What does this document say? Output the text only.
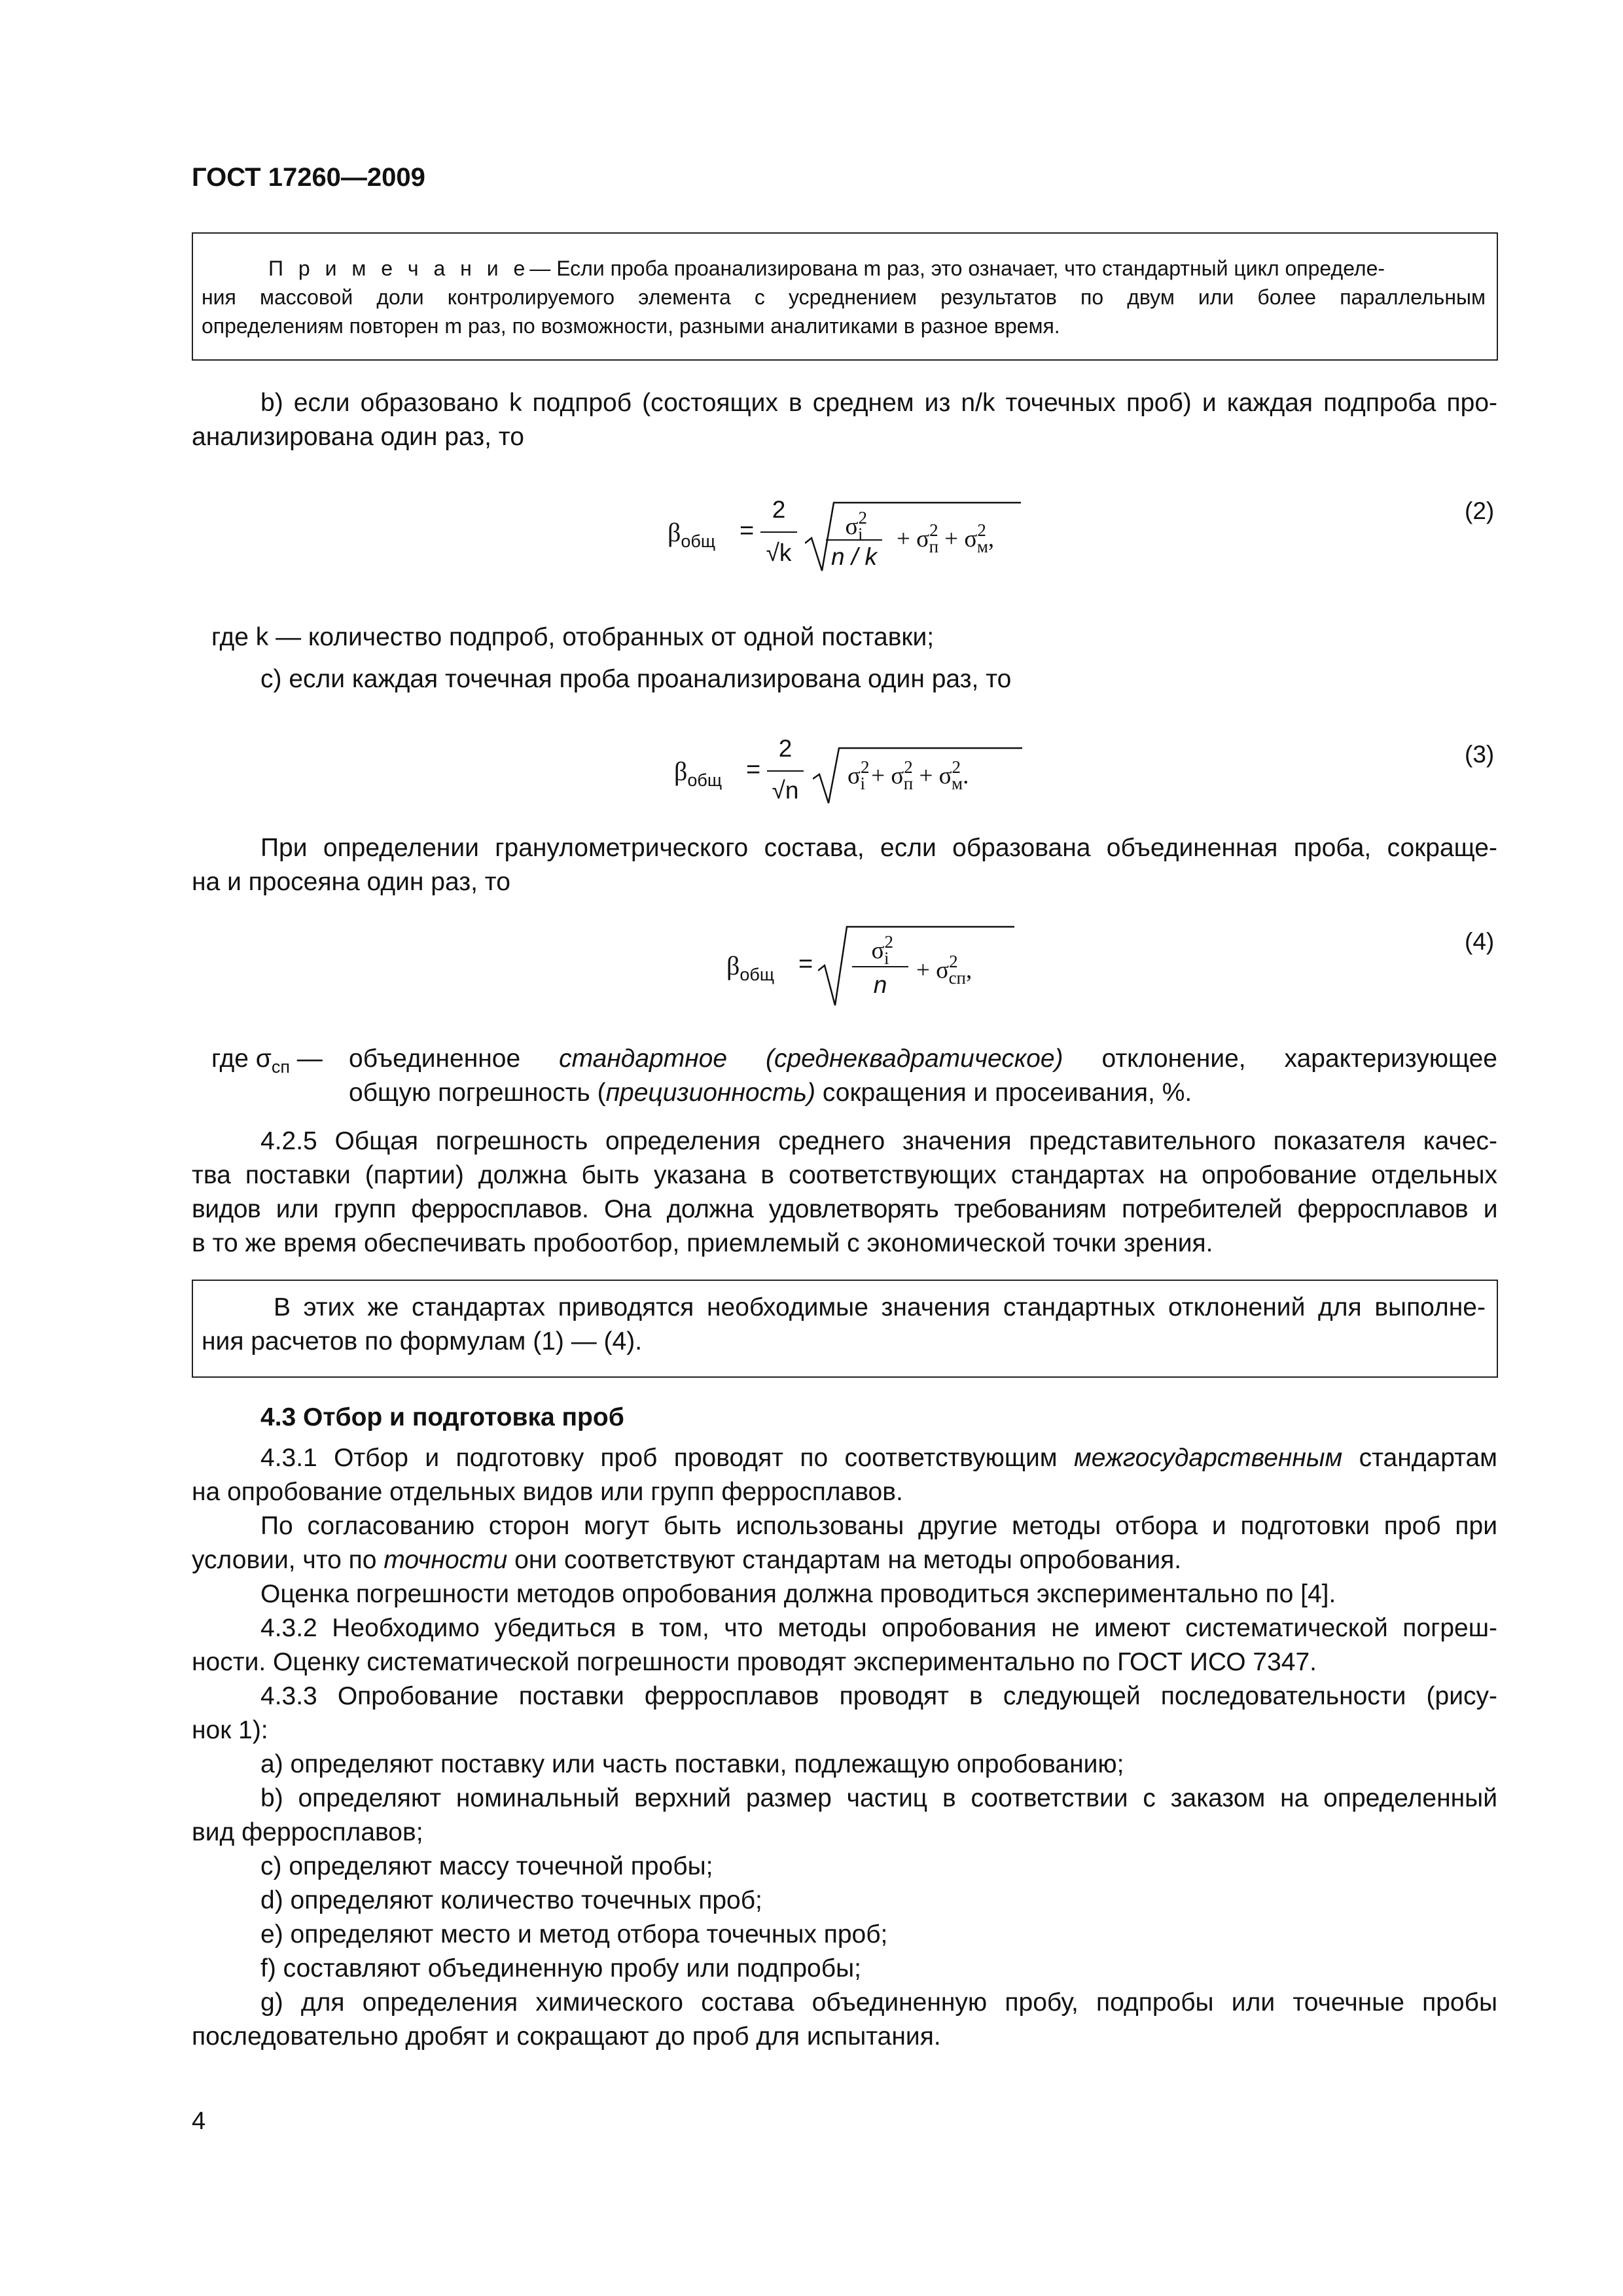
ГОСТ 17260—2009
П р и м е ч а н и е— Если проба проанализирована m раз, это означает, что стандартный цикл определе-
ния массовой доли контролируемого элемента с усреднением результатов по двум или более параллельным
определениям повторен m раз, по возможности, разными аналитиками в разное время.
b) если образовано k подпроб (состоящих в среднем из n/k точечных проб) и каждая подпроба про-
анализирована один раз, то
$\beta_{общ}$ =
2
√k
$\sigma^2_i$
n / k
+ $\sigma^2_п + \sigma^2_м$,
(2)
где k — количество подпроб, отобранных от одной поставки;
c) если каждая точечная проба проанализирована один раз, то
$\beta_{общ}$ =
2
√n
$\sigma^2_i + \sigma^2_п + \sigma^2_м$.
(3)
При определении гранулометрического состава, если образована объединенная проба, сокраще-
на и просеяна один раз, то
$\beta_{общ}$ =	$\sigma^2_i$
n
+ $\sigma^2_{сп}$,
(4)
где $\sigma_{сп}$ — объединенное стандартное (среднеквадратическое) отклонение, характеризующее
общую погрешность (прецизионность) сокращения и просеивания, %.
4.2.5 Общая погрешность определения среднего значения представительного показателя качес-
тва поставки (партии) должна быть указана в соответствующих стандартах на опробование отдельных
видов или групп ферросплавов. Она должна удовлетворять требованиям потребителей ферросплавов и
в то же время обеспечивать пробоотбор, приемлемый с экономической точки зрения.
В этих же стандартах приводятся необходимые значения стандартных отклонений для выполне-
ния расчетов по формулам (1) — (4).
4.3 Отбор и подготовка проб
4.3.1 Отбор и подготовку проб проводят по соответствующим межгосударственным стандартам
на опробование отдельных видов или групп ферросплавов.
По согласованию сторон могут быть использованы другие методы отбора и подготовки проб при
условии, что по точности они соответствуют стандартам на методы опробования.
Оценка погрешности методов опробования должна проводиться экспериментально по [4].
4.3.2 Необходимо убедиться в том, что методы опробования не имеют систематической погреш-
ности. Оценку систематической погрешности проводят экспериментально по ГОСТ ИСО 7347.
4.3.3 Опробование поставки ферросплавов проводят в следующей последовательности (рису-
нок 1):
a) определяют поставку или часть поставки, подлежащую опробованию;
b) определяют номинальный верхний размер частиц в соответствии с заказом на определенный
вид ферросплавов;
c) определяют массу точечной пробы;
d) определяют количество точечных проб;
e) определяют место и метод отбора точечных проб;
f) составляют объединенную пробу или подпробы;
g) для определения химического состава объединенную пробу, подпробы или точечные пробы
последовательно дробят и сокращают до проб для испытания.
4
